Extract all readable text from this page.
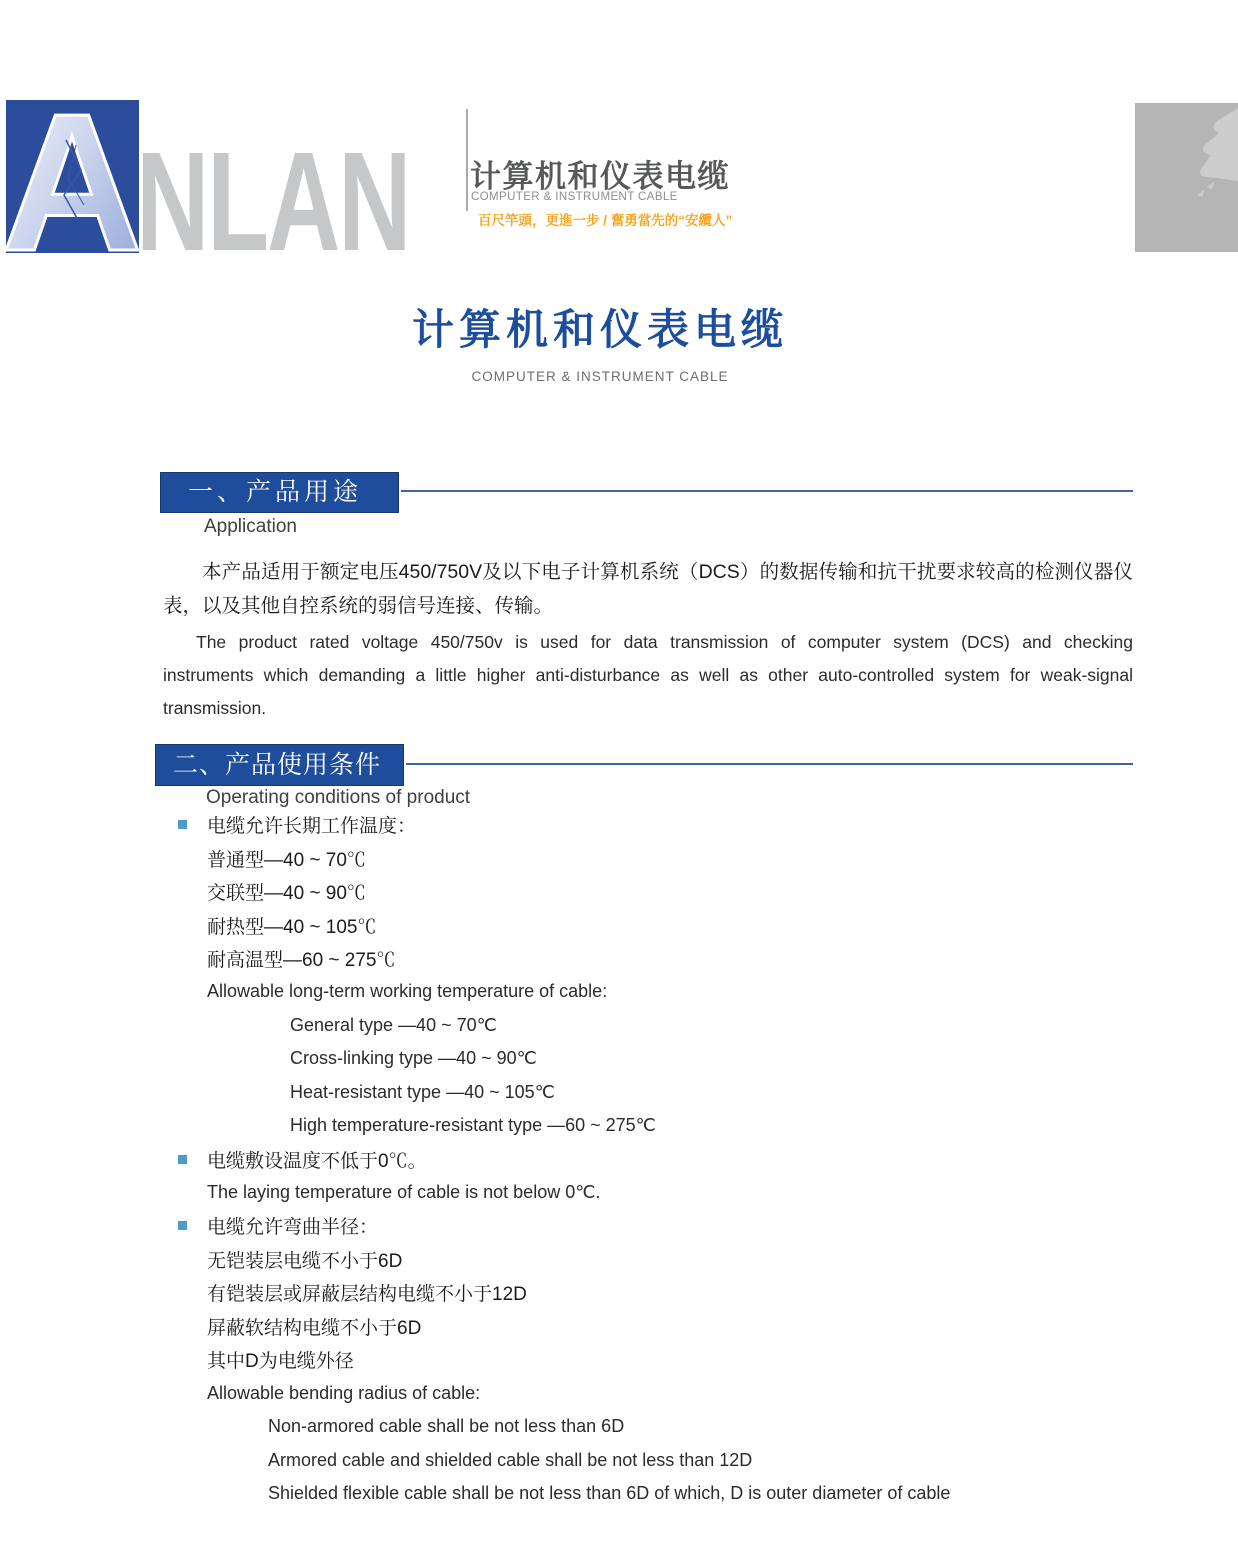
A
NLAN 计算机和仪表电缆
COMPUTER & INSTRUMENT CABLE
百尺竿頭，更進一步 / 奮勇當先的“安纜人”
计算机和仪表电缆
COMPUTER & INSTRUMENT CABLE
一、产品用途
Application

本产品适用于额定电压450/750V及以下电子计算机系统（DCS）的数据传输和抗干扰要求较高的检测仪器仪表，以及其他自控系统的弱信号连接、传输。

The product rated voltage 450/750v is used for data transmission of computer system (DCS) and checking instruments which demanding a little higher anti-disturbance as well as other auto-controlled system for weak-signal transmission.

二、产品使用条件
Operating conditions of product
电缆允许长期工作温度：
普通型—40 ~ 70℃
交联型—40 ~ 90℃
耐热型—40 ~ 105℃
耐高温型—60 ~ 275℃
Allowable long-term working temperature of cable:
General type —40 ~ 70℃
Cross-linking type —40 ~ 90℃
Heat-resistant type —40 ~ 105℃
High temperature-resistant type —60 ~ 275℃
电缆敷设温度不低于0℃。
The laying temperature of cable is not below 0℃.
电缆允许弯曲半径：
无铠装层电缆不小于6D
有铠装层或屏蔽层结构电缆不小于12D
屏蔽软结构电缆不小于6D
其中D为电缆外径
Allowable bending radius of cable:
Non-armored cable shall be not less than 6D
Armored cable and shielded cable shall be not less than 12D
Shielded flexible cable shall be not less than 6D of which, D is outer diameter of cable
